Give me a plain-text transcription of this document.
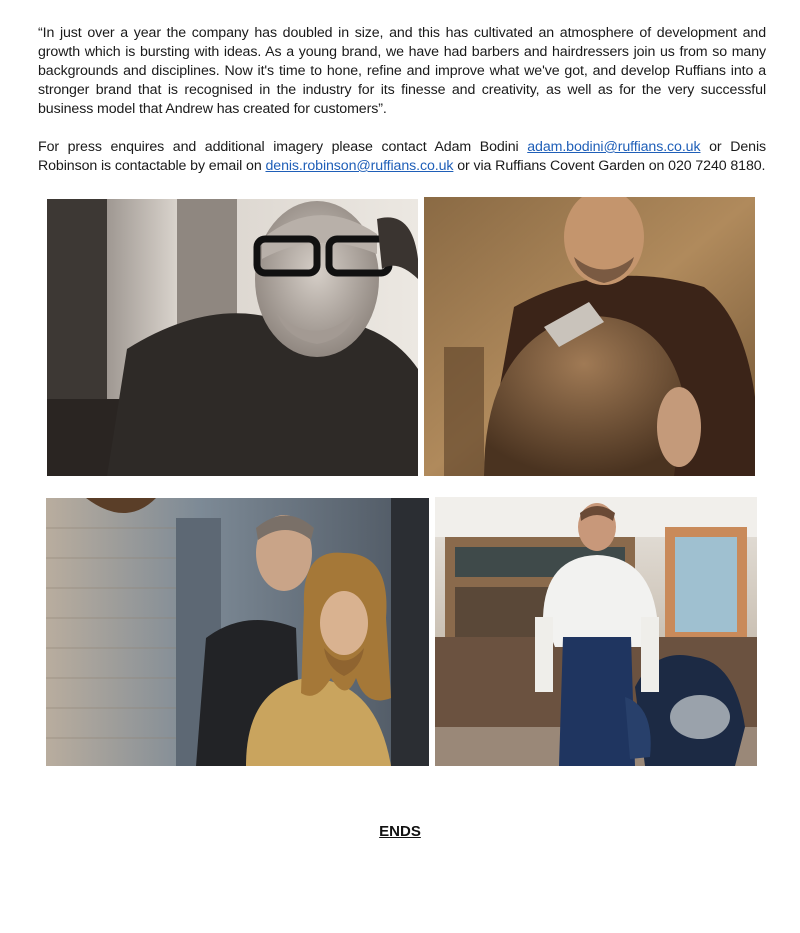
“In just over a year the company has doubled in size, and this has cultivated an atmosphere of development and growth which is bursting with ideas. As a young brand, we have had barbers and hairdressers join us from so many backgrounds and disciplines. Now it's time to hone, refine and improve what we've got, and develop Ruffians into a stronger brand that is recognised in the industry for its finesse and creativity, as well as for the very successful business model that Andrew has created for customers”.

For press enquires and additional imagery please contact Adam Bodini adam.bodini@ruffians.co.uk or Denis Robinson is contactable by email on denis.robinson@ruffians.co.uk or via Ruffians Covent Garden on 020 7240 8180.

ENDS
